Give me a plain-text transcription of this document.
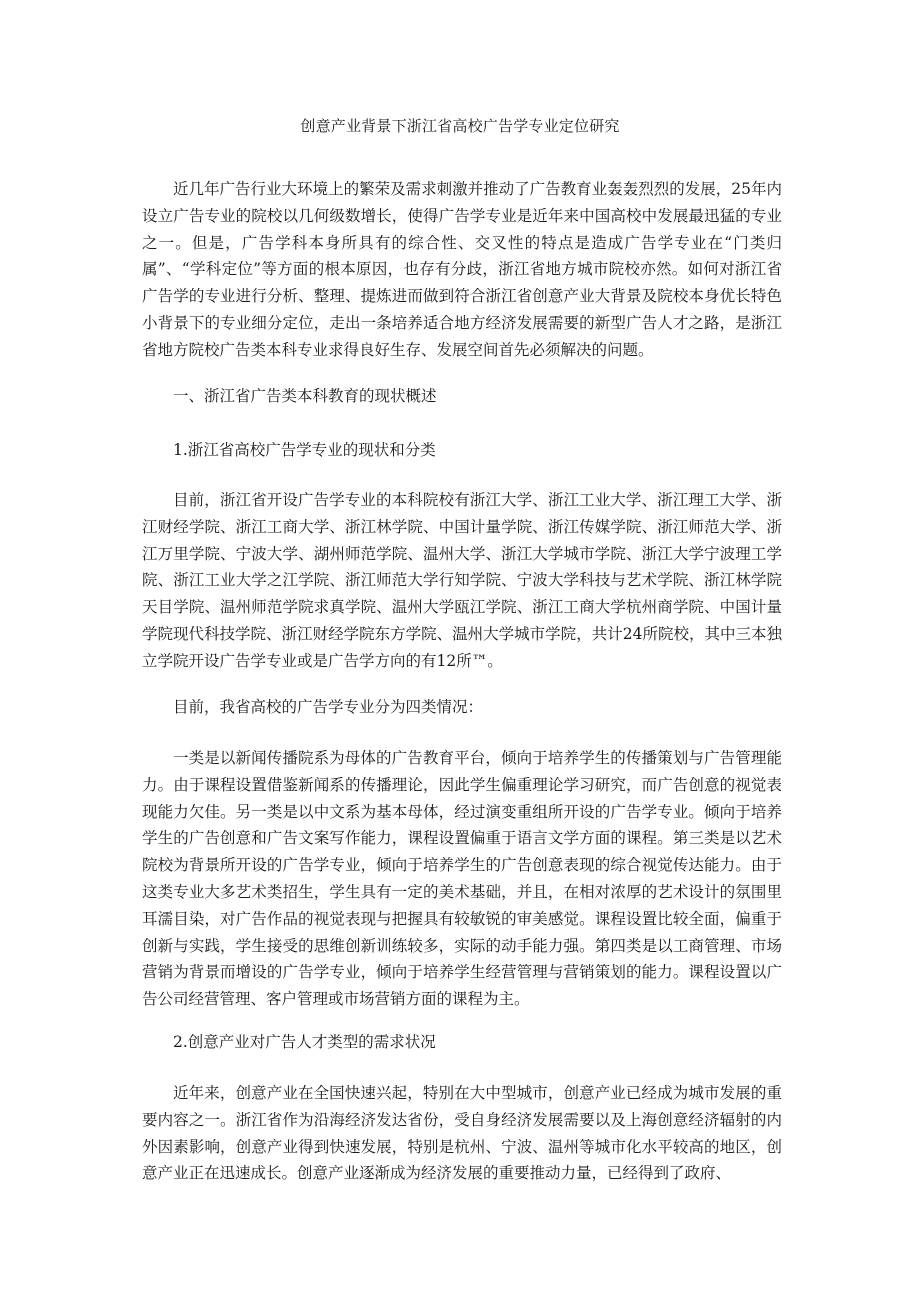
创意产业背景下浙江省高校广告学专业定位研究

近几年广告行业大环境上的繁荣及需求刺激并推动了广告教育业轰轰烈烈的发展，25年内设立广告专业的院校以几何级数增长，使得广告学专业是近年来中国高校中发展最迅猛的专业之一。但是，广告学科本身所具有的综合性、交叉性的特点是造成广告学专业在“门类归属”、“学科定位”等方面的根本原因，也存有分歧，浙江省地方城市院校亦然。如何对浙江省广告学的专业进行分析、整理、提炼进而做到符合浙江省创意产业大背景及院校本身优长特色小背景下的专业细分定位，走出一条培养适合地方经济发展需要的新型广告人才之路，是浙江省地方院校广告类本科专业求得良好生存、发展空间首先必须解决的问题。

一、浙江省广告类本科教育的现状概述

1.浙江省高校广告学专业的现状和分类

目前，浙江省开设广告学专业的本科院校有浙江大学、浙江工业大学、浙江理工大学、浙江财经学院、浙江工商大学、浙江林学院、中国计量学院、浙江传媒学院、浙江师范大学、浙江万里学院、宁波大学、湖州师范学院、温州大学、浙江大学城市学院、浙江大学宁波理工学院、浙江工业大学之江学院、浙江师范大学行知学院、宁波大学科技与艺术学院、浙江林学院天目学院、温州师范学院求真学院、温州大学瓯江学院、浙江工商大学杭州商学院、中国计量学院现代科技学院、浙江财经学院东方学院、温州大学城市学院，共计24所院校，其中三本独立学院开设广告学专业或是广告学方向的有12所™。

目前，我省高校的广告学专业分为四类情况：

一类是以新闻传播院系为母体的广告教育平台，倾向于培养学生的传播策划与广告管理能力。由于课程设置借鉴新闻系的传播理论，因此学生偏重理论学习研究，而广告创意的视觉表现能力欠佳。另一类是以中文系为基本母体，经过演变重组所开设的广告学专业。倾向于培养学生的广告创意和广告文案写作能力，课程设置偏重于语言文学方面的课程。第三类是以艺术院校为背景所开设的广告学专业，倾向于培养学生的广告创意表现的综合视觉传达能力。由于这类专业大多艺术类招生，学生具有一定的美术基础，并且，在相对浓厚的艺术设计的氛围里耳濡目染，对广告作品的视觉表现与把握具有较敏锐的审美感觉。课程设置比较全面，偏重于创新与实践，学生接受的思维创新训练较多，实际的动手能力强。第四类是以工商管理、市场营销为背景而增设的广告学专业，倾向于培养学生经营管理与营销策划的能力。课程设置以广告公司经营管理、客户管理或市场营销方面的课程为主。

2.创意产业对广告人才类型的需求状况

近年来，创意产业在全国快速兴起，特别在大中型城市，创意产业已经成为城市发展的重要内容之一。浙江省作为沿海经济发达省份，受自身经济发展需要以及上海创意经济辐射的内外因素影响，创意产业得到快速发展，特别是杭州、宁波、温州等城市化水平较高的地区，创意产业正在迅速成长。创意产业逐渐成为经济发展的重要推动力量，已经得到了政府、
